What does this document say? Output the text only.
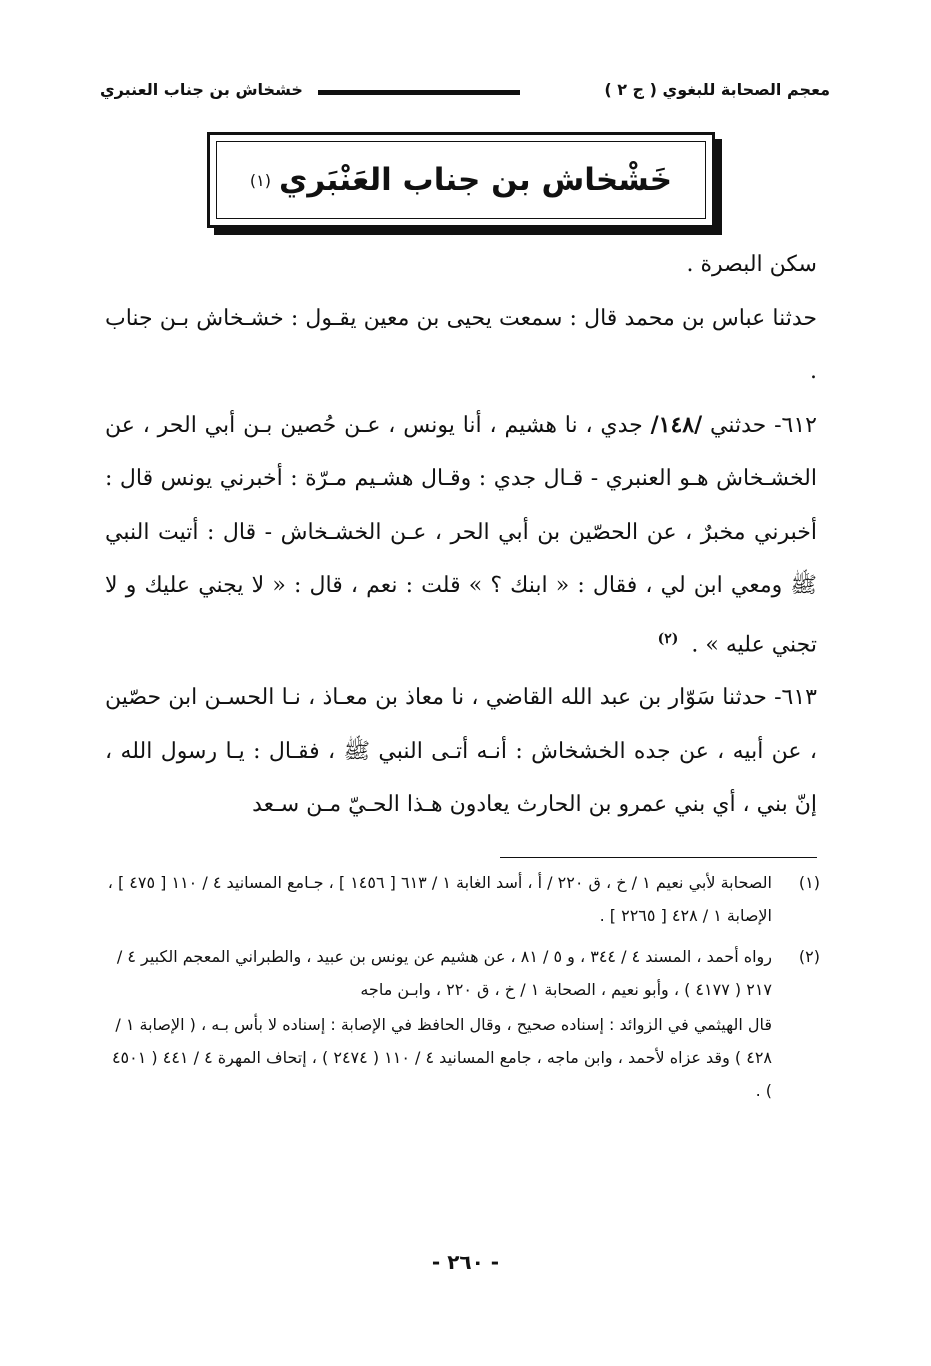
معجم الصحابة للبغوي ( ج ٢ )
خشخاش بن جناب العنبري
خَشْخاش بن جناب العَنْبَري
(١)

سكن البصرة .

حدثنا عباس بن محمد قال : سمعت يحيى بن معين يقـول : خشـخاش بـن جناب .

٦١٢- حدثني /١٤٨/ جدي ، نا هشيم ، أنا يونس ، عـن حُصين بـن أبي الحر ، عن الخشـخاش هـو العنبري - قـال جدي : وقـال هشـيم مـرّة : أخبرني يونس قال : أخبرني مخبرٌ ، عن الحصّين بن أبي الحر ، عـن الخشـخاش - قال : أتيت النبي ﷺ ومعي ابن لي ، فقال : « ابنك ؟ » قلت : نعم ، قال : « لا يجني عليك و لا تجني عليه » . $^{(٢)}$

٦١٣- حدثنا سَوّار بن عبد الله القاضي ، نا معاذ بن معـاذ ، نـا الحسـن ابن حصّين ، عن أبيه ، عن جده الخشخاش : أنـه أتـى النبي ﷺ ، فقـال : يـا رسول الله ، إنّ بني ، أي بني عمرو بن الحارث يعادون هـذا الحـيّ مـن سـعد

(١)
الصحابة لأبي نعيم ١ / خ ، ق ٢٢٠ / أ ، أسد الغابة ١ / ٦١٣ [ ١٤٥٦ ] ، جـامع المسانيد ٤ / ١١٠ [ ٤٧٥ ] ، الإصابة ١ / ٤٢٨ [ ٢٢٦٥ ] .

(٢)
رواه أحمد ، المسند ٤ / ٣٤٤ ، و ٥ / ٨١ ، عن هشيم عن يونس بن عبيد ، والطبراني المعجم الكبير ٤ / ٢١٧ ( ٤١٧٧ ) ، وأبو نعيم ، الصحابة ١ / خ ، ق ٢٢٠ ، وابـن ماجه

قال الهيثمي في الزوائد : إسناده صحيح ، وقال الحافظ في الإصابة : إسناده لا بأس بـه ، ( الإصابة ١ / ٤٢٨ ) وقد عزاه لأحمد ، وابن ماجه ، جامع المسانيد ٤ / ١١٠ ( ٢٤٧٤ ) ، إتحاف المهرة ٤ / ٤٤١ ( ٤٥٠١ ) .

- ٢٦٠ -
